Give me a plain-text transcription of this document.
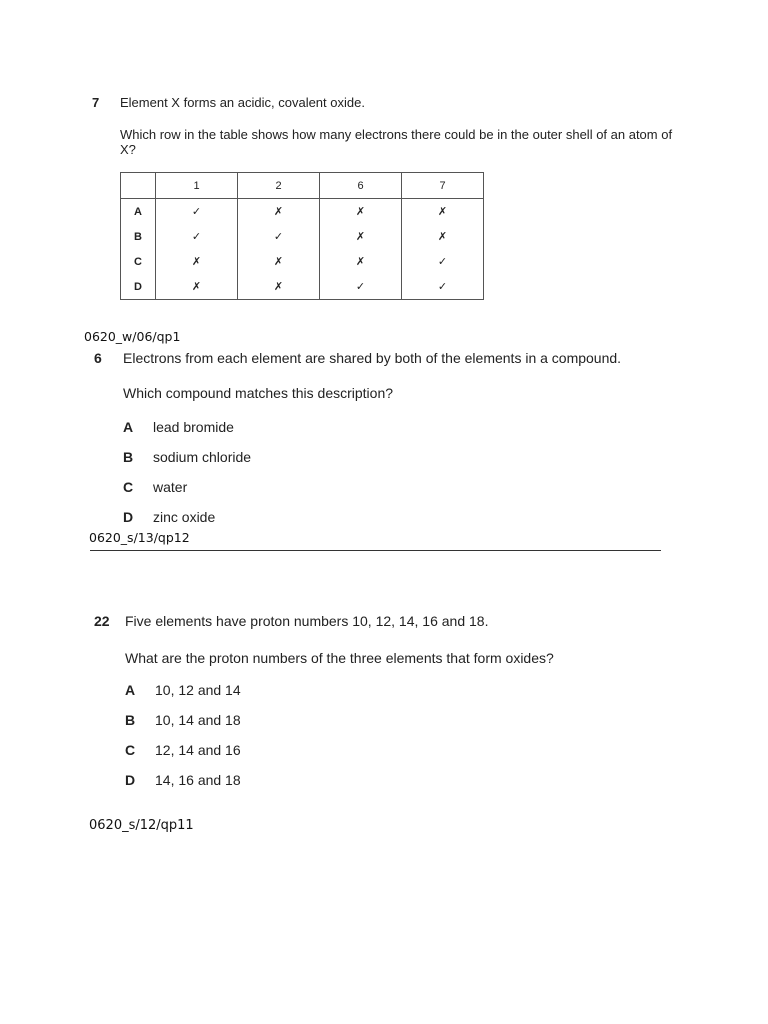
7 Element X forms an acidic, covalent oxide.
Which row in the table shows how many electrons there could be in the outer shell of an atom of
X?
	1	2	6	7
A	✓	✗	✗	✗
B	✓	✓	✗	✗
C	✗	✗	✗	✓
D	✗	✗	✓	✓
0620_w/06/qp1
6 Electrons from each element are shared by both of the elements in a compound.
Which compound matches this description?
A lead bromide
B sodium chloride
C water
D zinc oxide
0620_s/13/qp12
22 Five elements have proton numbers 10, 12, 14, 16 and 18.
What are the proton numbers of the three elements that form oxides?
A 10, 12 and 14
B 10, 14 and 18
C 12, 14 and 16
D 14, 16 and 18
0620_s/12/qp11
